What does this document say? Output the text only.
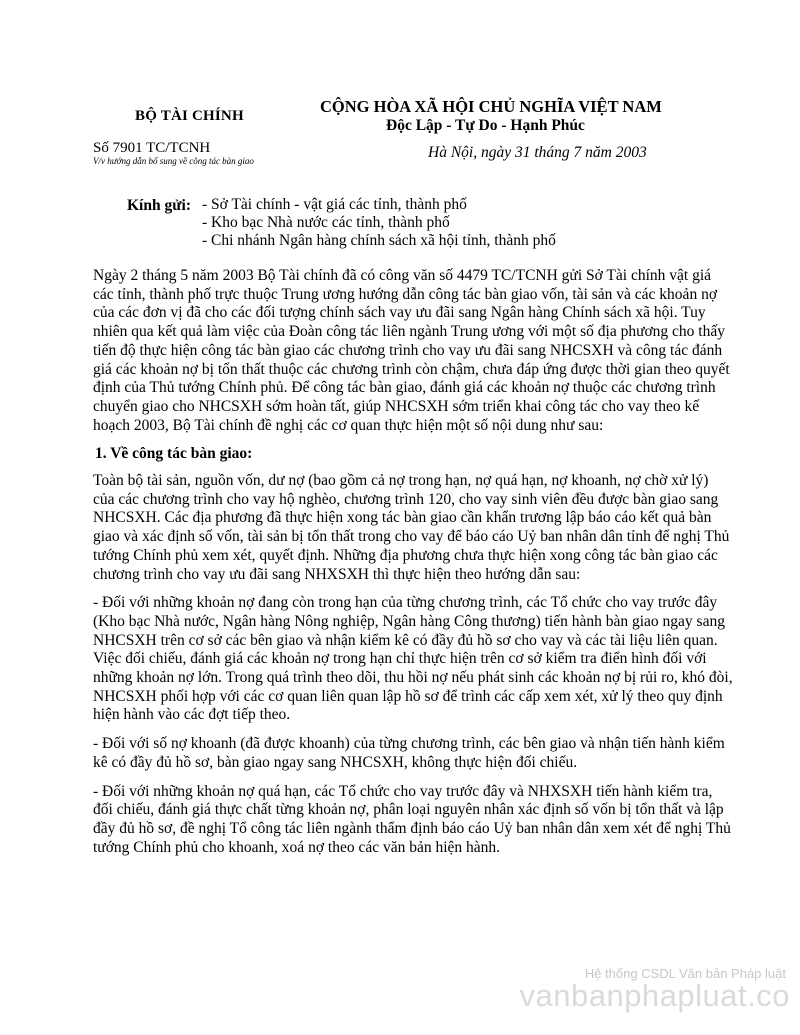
BỘ TÀI CHÍNH	CỘNG HÒA XÃ HỘI CHỦ NGHĨA VIỆT NAM
Độc Lập - Tự Do - Hạnh Phúc
Số 7901 TC/TCNH
V/v hướng dẫn bổ sung về công tác bàn giao	Hà Nội, ngày 31 tháng 7 năm 2003
Kính gửi: - Sở Tài chính - vật giá các tỉnh, thành phố
- Kho bạc Nhà nước các tỉnh, thành phố
- Chi nhánh Ngân hàng chính sách xã hội tỉnh, thành phố

Ngày 2 tháng 5 năm 2003 Bộ Tài chính đã có công văn số 4479 TC/TCNH gửi Sở Tài chính vật giá các tỉnh, thành phố trực thuộc Trung ương hướng dẫn công tác bàn giao vốn, tài sản và các khoản nợ của các đơn vị đã cho các đối tượng chính sách vay ưu đãi sang Ngân hàng Chính sách xã hội. Tuy nhiên qua kết quả làm việc của Đoàn công tác liên ngành Trung ương với một số địa phương cho thấy tiến độ thực hiện công tác bàn giao các chương trình cho vay ưu đãi sang NHCSXH và công tác đánh giá các khoản nợ bị tổn thất thuộc các chương trình còn chậm, chưa đáp ứng được thời gian theo quyết định của Thủ tướng Chính phủ. Để công tác bàn giao, đánh giá các khoản nợ thuộc các chương trình chuyển giao cho NHCSXH sớm hoàn tất, giúp NHCSXH sớm triển khai công tác cho vay theo kế hoạch 2003, Bộ Tài chính đề nghị các cơ quan thực hiện một số nội dung như sau:

1. Về công tác bàn giao:

Toàn bộ tài sản, nguồn vốn, dư nợ (bao gồm cả nợ trong hạn, nợ quá hạn, nợ khoanh, nợ chờ xử lý) của các chương trình cho vay hộ nghèo, chương trình 120, cho vay sinh viên đều được bàn giao sang NHCSXH. Các địa phương đã thực hiện xong tác bàn giao cần khẩn trương lập báo cáo kết quả bàn giao và xác định số vốn, tài sản bị tổn thất trong cho vay để báo cáo Uỷ ban nhân dân tỉnh để nghị Thủ tướng Chính phủ xem xét, quyết định. Những địa phương chưa thực hiện xong công tác bàn giao các chương trình cho vay ưu đãi sang NHXSXH thì thực hiện theo hướng dẫn sau:

- Đối với những khoản nợ đang còn trong hạn của từng chương trình, các Tổ chức cho vay trước đây (Kho bạc Nhà nước, Ngân hàng Nông nghiệp, Ngân hàng Công thương) tiến hành bàn giao ngay sang NHCSXH trên cơ sở các bên giao và nhận kiểm kê có đầy đủ hồ sơ cho vay và các tài liệu liên quan. Việc đối chiếu, đánh giá các khoản nợ trong hạn chỉ thực hiện trên cơ sở kiểm tra điển hình đối với những khoản nợ lớn. Trong quá trình theo dõi, thu hồi nợ nếu phát sinh các khoản nợ bị rủi ro, khó đòi, NHCSXH phối hợp với các cơ quan liên quan lập hồ sơ để trình các cấp xem xét, xử lý theo quy định hiện hành vào các đợt tiếp theo.

- Đối với số nợ khoanh (đã được khoanh) của từng chương trình, các bên giao và nhận tiến hành kiểm kê có đầy đủ hồ sơ, bàn giao ngay sang NHCSXH, không thực hiện đối chiếu.

- Đối với những khoản nợ quá hạn, các Tổ chức cho vay trước đây và NHXSXH tiến hành kiểm tra, đối chiếu, đánh giá thực chất từng khoản nợ, phân loại nguyên nhân xác định số vốn bị tổn thất và lập đầy đủ hồ sơ, đề nghị Tổ công tác liên ngành thẩm định báo cáo Uỷ ban nhân dân xem xét để nghị Thủ tướng Chính phủ cho khoanh, xoá nợ theo các văn bản hiện hành.

Hệ thống CSDL Văn bản Pháp luật
vanbanphapluat.co
